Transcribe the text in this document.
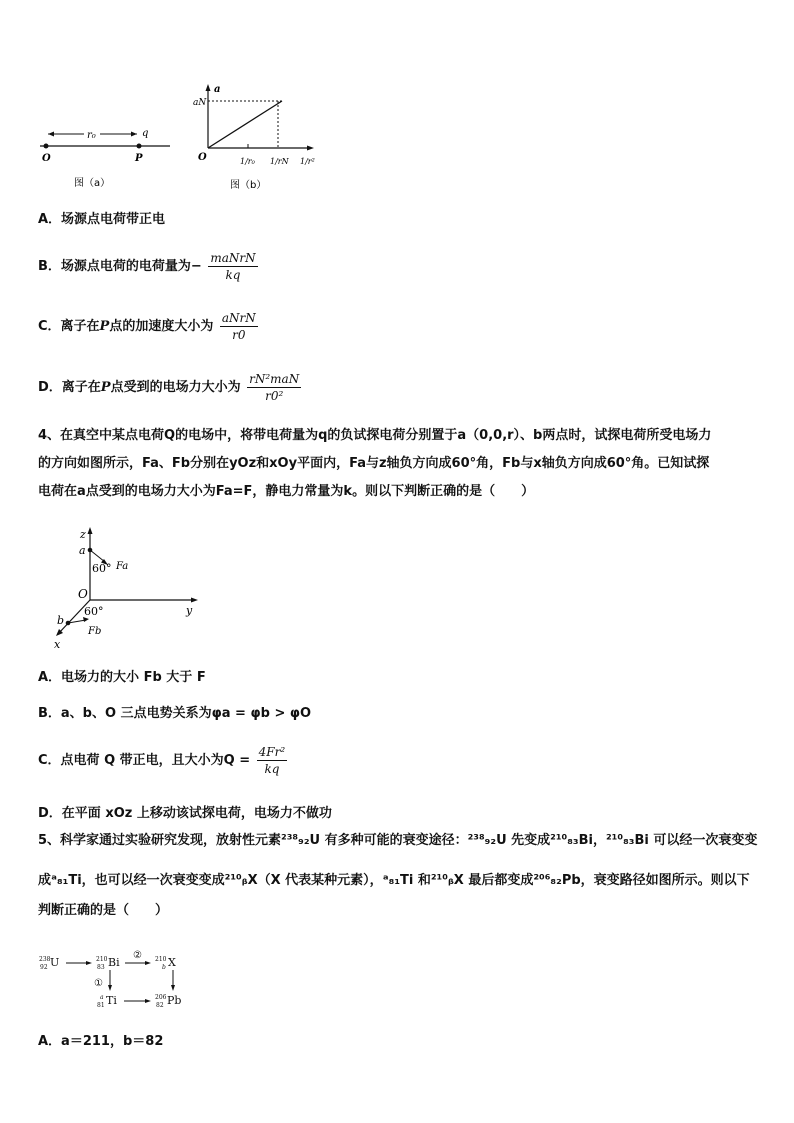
r₀	q
O	P
图（a）
a
aN
O	1/r₀ 1/rN 1/r²
图（b）
A．场源点电荷带正电
B．场源点电荷的电荷量为− $\frac{\text{maNrN}}{kq}$
C．离子在P点的加速度大小为 $\frac{\text{aNrN}}{r0}$
D．离子在P点受到的电场力大小为 $\frac{\text{rN²maN}}{\text{r0²}}$
4、在真空中某点电荷Q的电场中，将带电荷量为q的负试探电荷分别置于a（0,0,r）、b两点时，试探电荷所受电场力
的方向如图所示，Fa、Fb分别在yOz和xOy平面内，Fa与z轴负方向成60°角，Fb与x轴负方向成60°角。已知试探
电荷在a点受到的电场力大小为Fa=F，静电力常量为k。则以下判断正确的是（　　）
z
a
60° Fa
O
y
60°
b
Fb
x
A．电场力的大小 Fb 大于 F
B．a、b、O 三点电势关系为φa = φb > φO
C．点电荷 Q 带正电，且大小为$Q = \frac{\text{4Fr²}}{kq}$
D．在平面 xOz 上移动该试探电荷，电场力不做功
5、科学家通过实验研究发现，放射性元素²³⁸₉₂U 有多种可能的衰变途径：²³⁸₉₂U 先变成²¹⁰₈₃Bi，²¹⁰₈₃Bi 可以经一次衰变变
成ᵃ₈₁Ti，也可以经一次衰变变成²¹⁰ᵦX（X 代表某种元素），ᵃ₈₁Ti 和²¹⁰ᵦX 最后都变成²⁰⁶₈₂Pb，衰变路径如图所示。则以下
判断正确的是（　　）
238
92 U	210
83 Bi	210
b X
a
81 Ti	206
82 Pb
②
①
A．a＝211，b＝82
